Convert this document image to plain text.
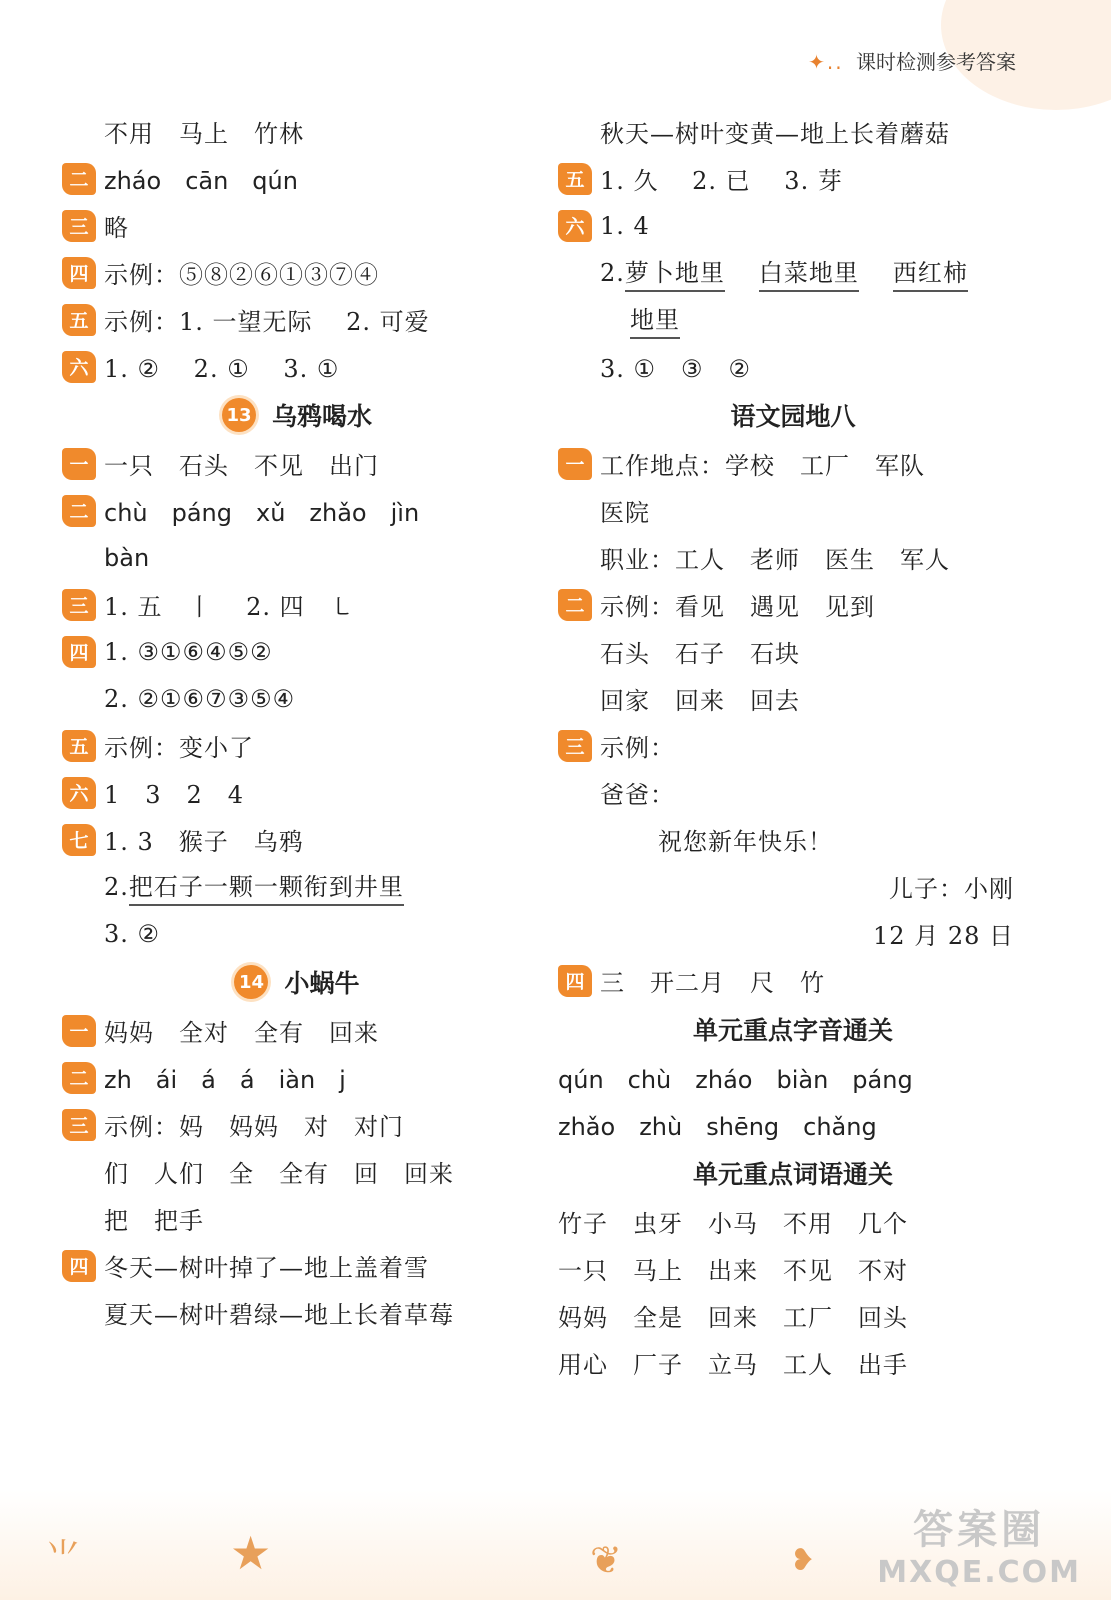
✦.. 课时检测参考答案
不用　马上　竹林
二 zháo　cān　qún
三 略
四 示例：⑤⑧②⑥①③⑦④
五 示例：1. 一望无际　 2. 可爱
六 1. ②　 2. ①　 3. ①
13 乌鸦喝水
一 一只　石头　不见　出门
二 chù　páng　xǔ　zhǎo　jìn
bàn
三 1. 五　丨　 2. 四　㇄
四 1. ③①⑥④⑤②
2. ②①⑥⑦③⑤④
五 示例：变小了
六 1　3　2　4
七 1. 3　猴子　乌鸦
2. 把石子一颗一颗衔到井里
3. ②
14 小蜗牛
一 妈妈　全对　全有　回来
二 zh　ái　á　á　iàn　j
三 示例：妈　妈妈　对　对门
们　人们　全　全有　回　回来
把　把手
四 冬天—树叶掉了—地上盖着雪
夏天—树叶碧绿—地上长着草莓
秋天—树叶变黄—地上长着蘑菇
五 1. 久　 2. 已　 3. 芽
六 1. 4
2. 萝卜地里 白菜地里 西红柿
地里
3. ①　③　②
语文园地八
一 工作地点：学校　工厂　军队
医院
职业：工人　老师　医生　军人
二 示例：看见　遇见　见到
石头　石子　石块
回家　回来　回去
三 示例：
爸爸：
祝您新年快乐！
儿子：小刚
12 月 28 日
四 三　开二月　尺　竹
单元重点字音通关
qún　chù　zháo　biàn　páng
zhǎo　zhù　shēng　chǎng
单元重点词语通关
竹子　虫牙　小马　不用　几个
一只　马上　出来　不见　不对
妈妈　全是　回来　工厂　回头
用心　厂子　立马　工人　出手
⺌	★	❦	❥
答案圈
MXQE.COM
